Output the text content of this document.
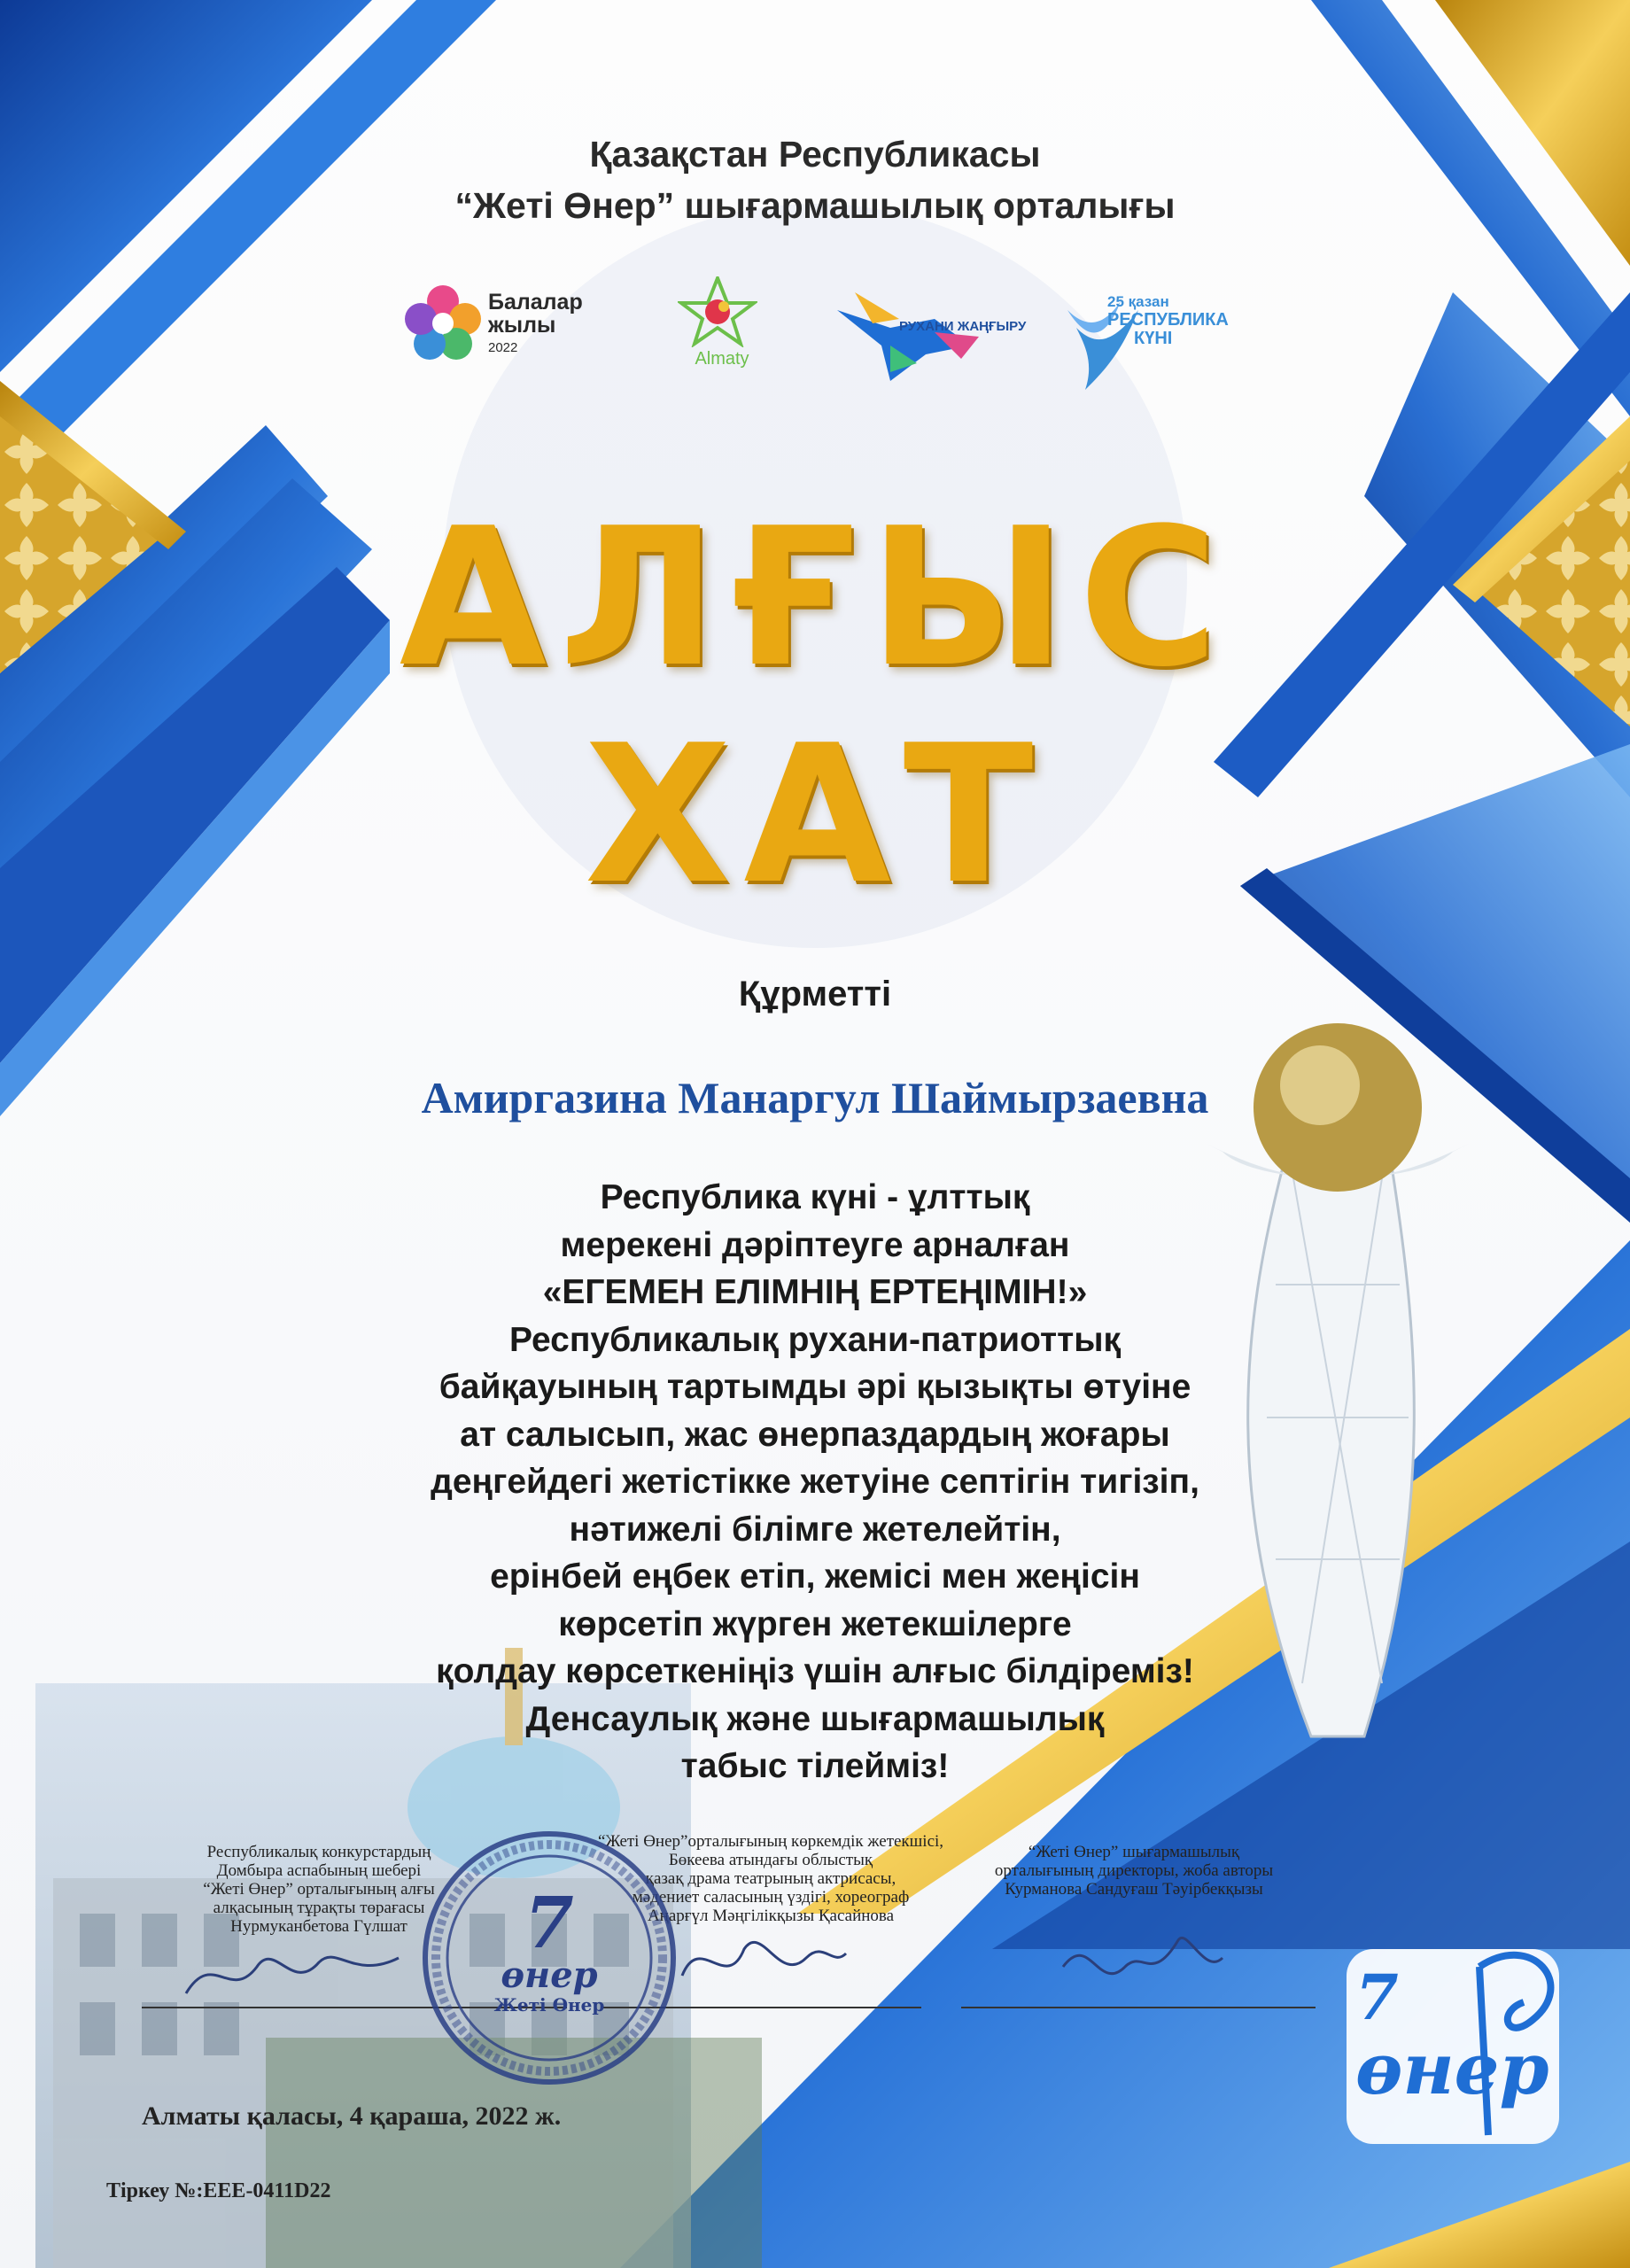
Қазақстан Республикасы
“Жеті Өнер” шығармашылық орталығы
Балалар
жылы
2022
Almaty
РУХАНИ ЖАҢҒЫРУ
25 қазан
РЕСПУБЛИКА
КҮНІ
АЛҒЫС
ХАТ
Құрметті
Амиргазина Манаргул Шаймырзаевна
Республика күні - ұлттық
мерекені дәріптеуге арналған
«ЕГЕМЕН ЕЛІМНІҢ ЕРТЕҢІМІН!»
Республикалық рухани-патриоттық
байқауының тартымды әрі қызықты өтуіне
ат салысып, жас өнерпаздардың жоғары
деңгейдегі жетістікке жетуіне септігін тигізіп,
нәтижелі білімге жетелейтін,
ерінбей еңбек етіп, жемісі мен жеңісін
көрсетіп жүрген жетекшілерге
қолдау көрсеткеніңіз үшін алғыс білдіреміз!
Денсаулық және шығармашылық
табыс тілейміз!
Республикалық конкурстардың
Домбыра аспабының шебері
“Жеті Өнер” орталығының алғы
алқасының тұрақты төрағасы
Нурмуканбетова Гүлшат
“Жеті Өнер”орталығының көркемдік жетекшісі,
Бөкеева атындағы облыстық
қазақ драма театрының актрисасы,
мәдениет саласының үздігі, хореограф
Аңарғүл Мәңгілікқызы Қасайнова
“Жеті Өнер” шығармашылық
орталығының директоры, жоба авторы
Курманова Сандуғаш Тәуірбекқызы
7
өнер
Жеті Өнер
Алматы қаласы, 4 қараша, 2022 ж.
Тіркеу №:ЕЕЕ-0411D22
7
өнер
